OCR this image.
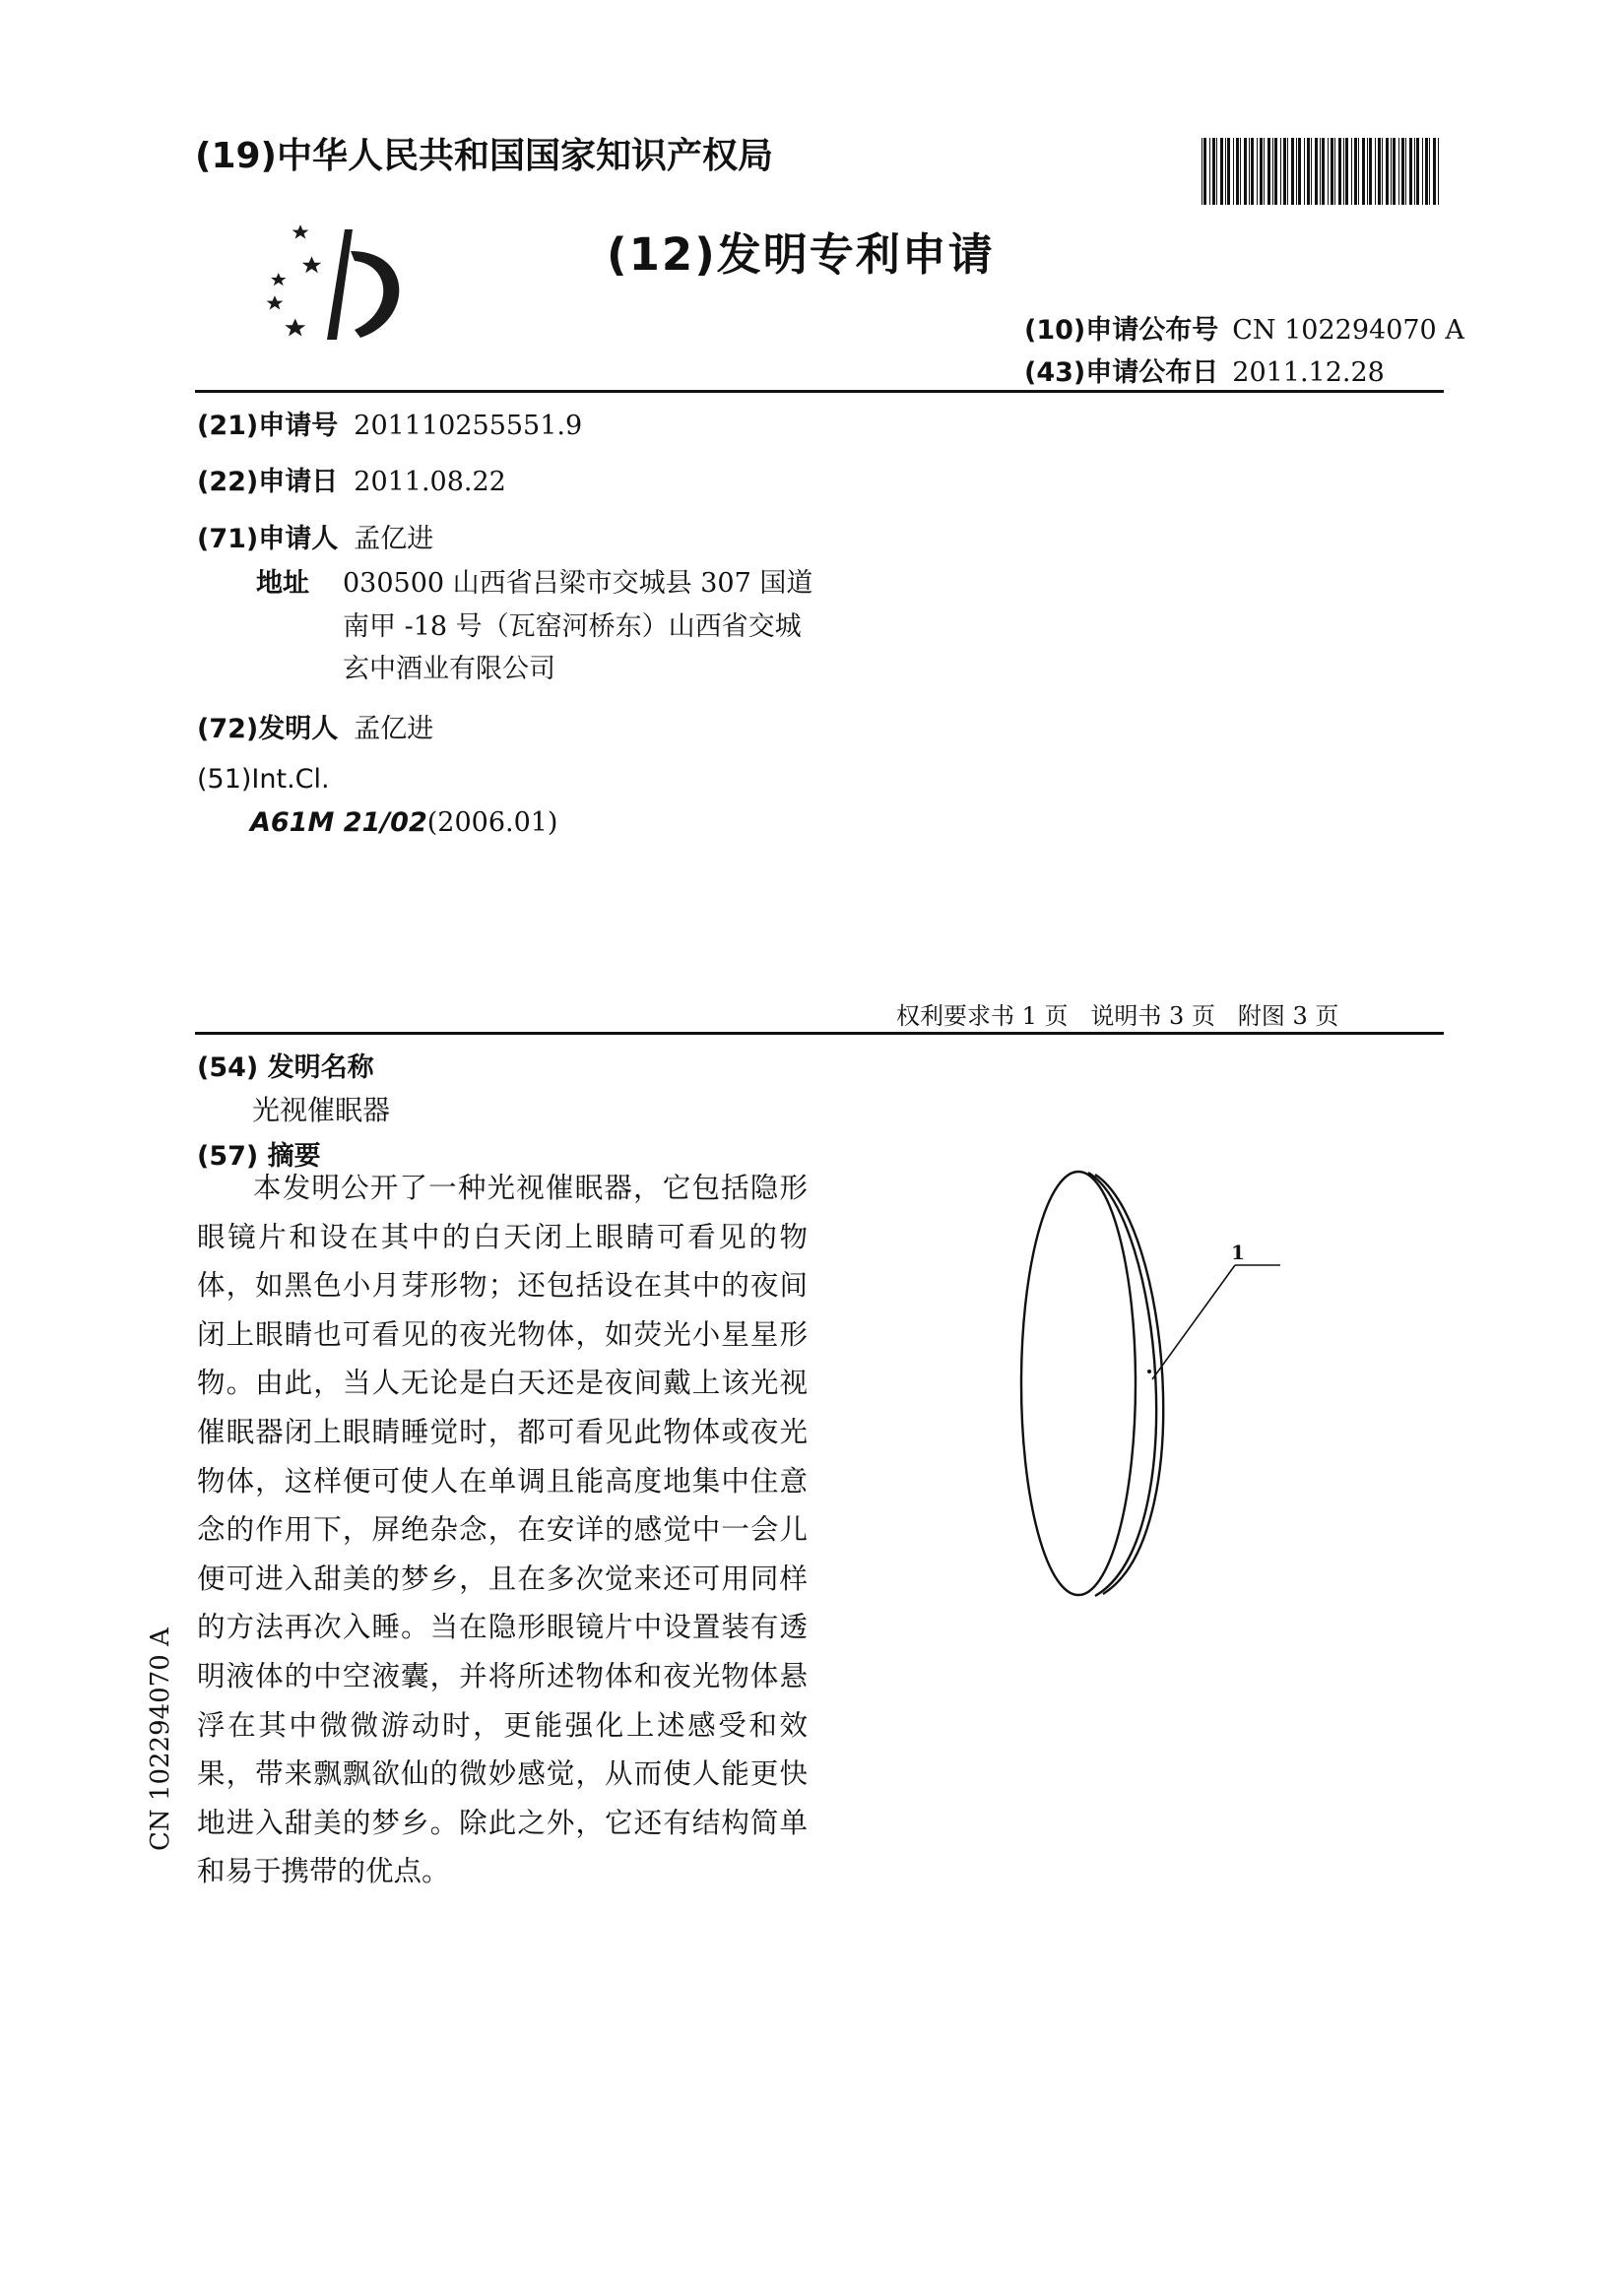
(19)中华人民共和国国家知识产权局
(12)发明专利申请
(10)申请公布号 CN 102294070 A
(43)申请公布日 2011.12.28
(21)申请号 201110255551.9
(22)申请日 2011.08.22
(71)申请人 孟亿进
地址 030500 山西省吕梁市交城县 307 国道
南甲 -18 号（瓦窑河桥东）山西省交城
玄中酒业有限公司
(72)发明人 孟亿进
(51)Int.Cl.
A61M 21/02(2006.01)
权利要求书 1 页   说明书 3 页   附图 3 页
(54) 发明名称
光视催眠器
(57) 摘要
本发明公开了一种光视催眠器，它包括隐形眼镜片和设在其中的白天闭上眼睛可看见的物体，如黑色小月芽形物；还包括设在其中的夜间闭上眼睛也可看见的夜光物体，如荧光小星星形物。由此，当人无论是白天还是夜间戴上该光视催眠器闭上眼睛睡觉时，都可看见此物体或夜光物体，这样便可使人在单调且能高度地集中住意念的作用下，屏绝杂念，在安详的感觉中一会儿便可进入甜美的梦乡，且在多次觉来还可用同样的方法再次入睡。当在隐形眼镜片中设置装有透明液体的中空液囊，并将所述物体和夜光物体悬浮在其中微微游动时，更能强化上述感受和效果，带来飘飘欲仙的微妙感觉，从而使人能更快地进入甜美的梦乡。除此之外，它还有结构简单和易于携带的优点。
1
CN 102294070 A
